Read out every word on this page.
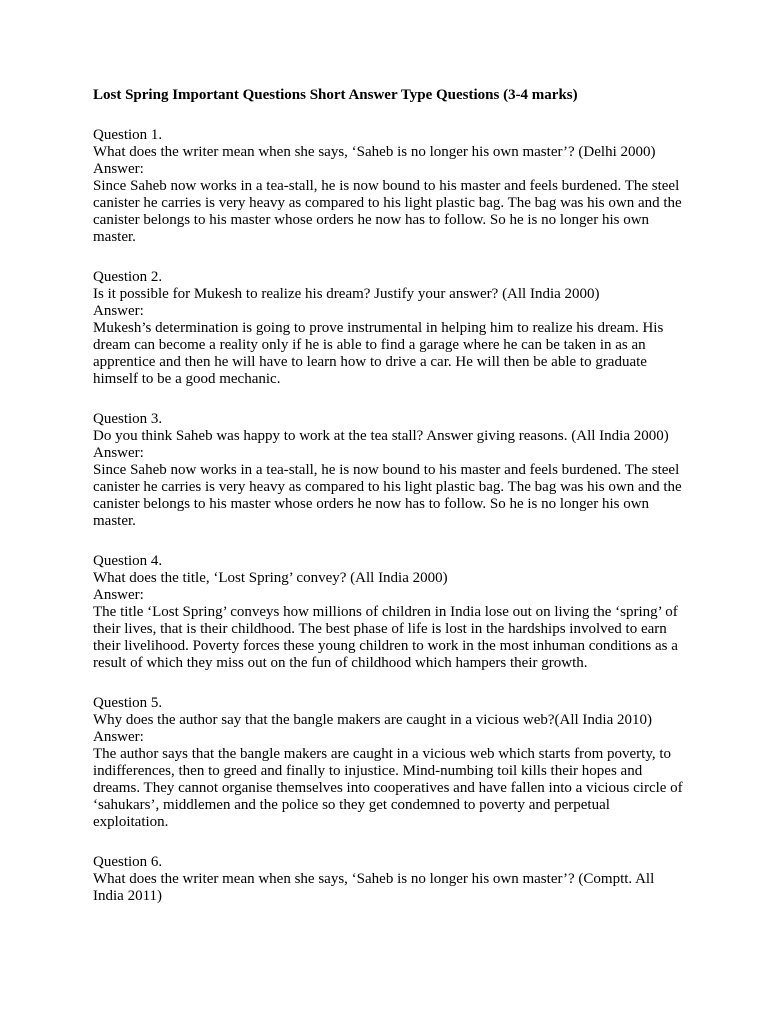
Lost Spring Important Questions Short Answer Type Questions (3-4 marks)

Question 1.

What does the writer mean when she says, ‘Saheb is no longer his own master’? (Delhi 2000)

Answer:

Since Saheb now works in a tea-stall, he is now bound to his master and feels burdened. The steel canister he carries is very heavy as compared to his light plastic bag. The bag was his own and the canister belongs to his master whose orders he now has to follow. So he is no longer his own master.

Question 2.

Is it possible for Mukesh to realize his dream? Justify your answer? (All India 2000)

Answer:

Mukesh’s determination is going to prove instrumental in helping him to realize his dream. His dream can become a reality only if he is able to find a garage where he can be taken in as an apprentice and then he will have to learn how to drive a car. He will then be able to graduate himself to be a good mechanic.

Question 3.

Do you think Saheb was happy to work at the tea stall? Answer giving reasons. (All India 2000)

Answer:

Since Saheb now works in a tea-stall, he is now bound to his master and feels burdened. The steel canister he carries is very heavy as compared to his light plastic bag. The bag was his own and the canister belongs to his master whose orders he now has to follow. So he is no longer his own master.

Question 4.

What does the title, ‘Lost Spring’ convey? (All India 2000)

Answer:

The title ‘Lost Spring’ conveys how millions of children in India lose out on living the ‘spring’ of their lives, that is their childhood. The best phase of life is lost in the hardships involved to earn their livelihood. Poverty forces these young children to work in the most inhuman conditions as a result of which they miss out on the fun of childhood which hampers their growth.

Question 5.

Why does the author say that the bangle makers are caught in a vicious web?(All India 2010)

Answer:

The author says that the bangle makers are caught in a vicious web which starts from poverty, to indifferences, then to greed and finally to injustice. Mind-numbing toil kills their hopes and dreams. They cannot organise themselves into cooperatives and have fallen into a vicious circle of ‘sahukars’, middlemen and the police so they get condemned to poverty and perpetual exploitation.

Question 6.

What does the writer mean when she says, ‘Saheb is no longer his own master’? (Comptt. All India 2011)
